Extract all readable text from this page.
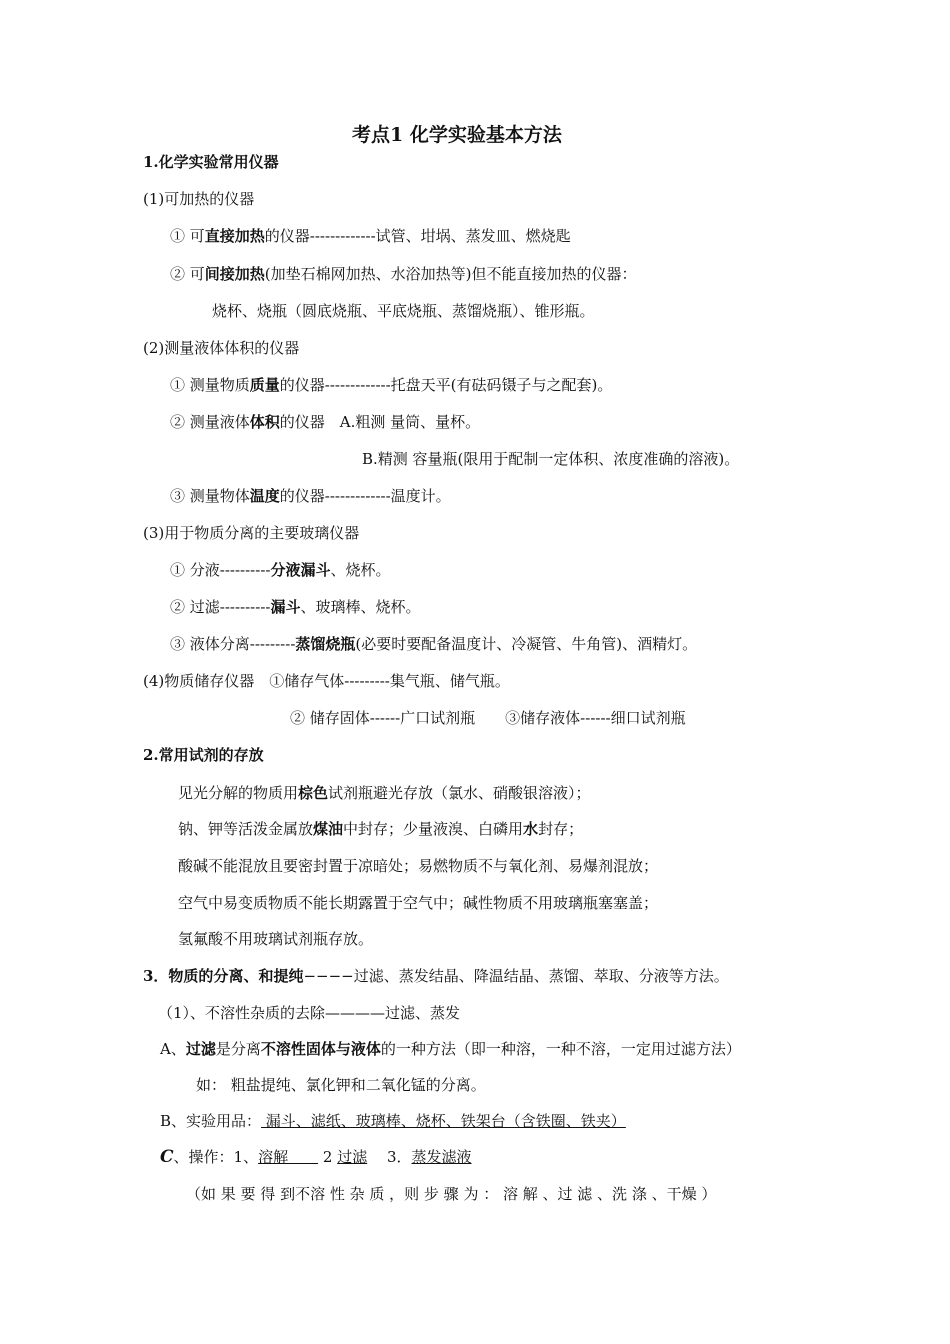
考点1 化学实验基本方法
1.化学实验常用仪器
(1)可加热的仪器
① 可直接加热的仪器-------------试管、坩埚、蒸发皿、燃烧匙
② 可间接加热(加垫石棉网加热、水浴加热等)但不能直接加热的仪器：
烧杯、烧瓶（圆底烧瓶、平底烧瓶、蒸馏烧瓶）、锥形瓶。
(2)测量液体体积的仪器
① 测量物质质量的仪器-------------托盘天平(有砝码镊子与之配套)。
② 测量液体体积的仪器　A.粗测 量筒、量杯。
B.精测 容量瓶(限用于配制一定体积、浓度准确的溶液)。
③ 测量物体温度的仪器-------------温度计。
(3)用于物质分离的主要玻璃仪器
① 分液----------分液漏斗、烧杯。
② 过滤----------漏斗、玻璃棒、烧杯。
③ 液体分离---------蒸馏烧瓶(必要时要配备温度计、冷凝管、牛角管)、酒精灯。
(4)物质储存仪器　①储存气体---------集气瓶、储气瓶。
② 储存固体------广口试剂瓶　　③储存液体------细口试剂瓶
2.常用试剂的存放
见光分解的物质用棕色试剂瓶避光存放（氯水、硝酸银溶液）；
钠、钾等活泼金属放煤油中封存；少量液溴、白磷用水封存；
酸碱不能混放且要密封置于凉暗处；易燃物质不与氧化剂、易爆剂混放；
空气中易变质物质不能长期露置于空气中；碱性物质不用玻璃瓶塞塞盖；
氢氟酸不用玻璃试剂瓶存放。
3．物质的分离、和提纯−−−−过滤、蒸发结晶、降温结晶、蒸馏、萃取、分液等方法。
（1）、不溶性杂质的去除————过滤、蒸发
A、过滤是分离不溶性固体与液体的一种方法（即一种溶，一种不溶，一定用过滤方法）
如： 粗盐提纯、氯化钾和二氧化锰的分离。
B、实验用品： 漏斗、滤纸、玻璃棒、烧杯、铁架台（含铁圈、铁夹）
C、操作：1、溶解　　 2 过滤　 3．蒸发滤液
（如 果 要 得 到不溶 性 杂 质 ，则 步 骤 为 ： 溶 解 、过 滤 、洗 涤 、干燥 ）
